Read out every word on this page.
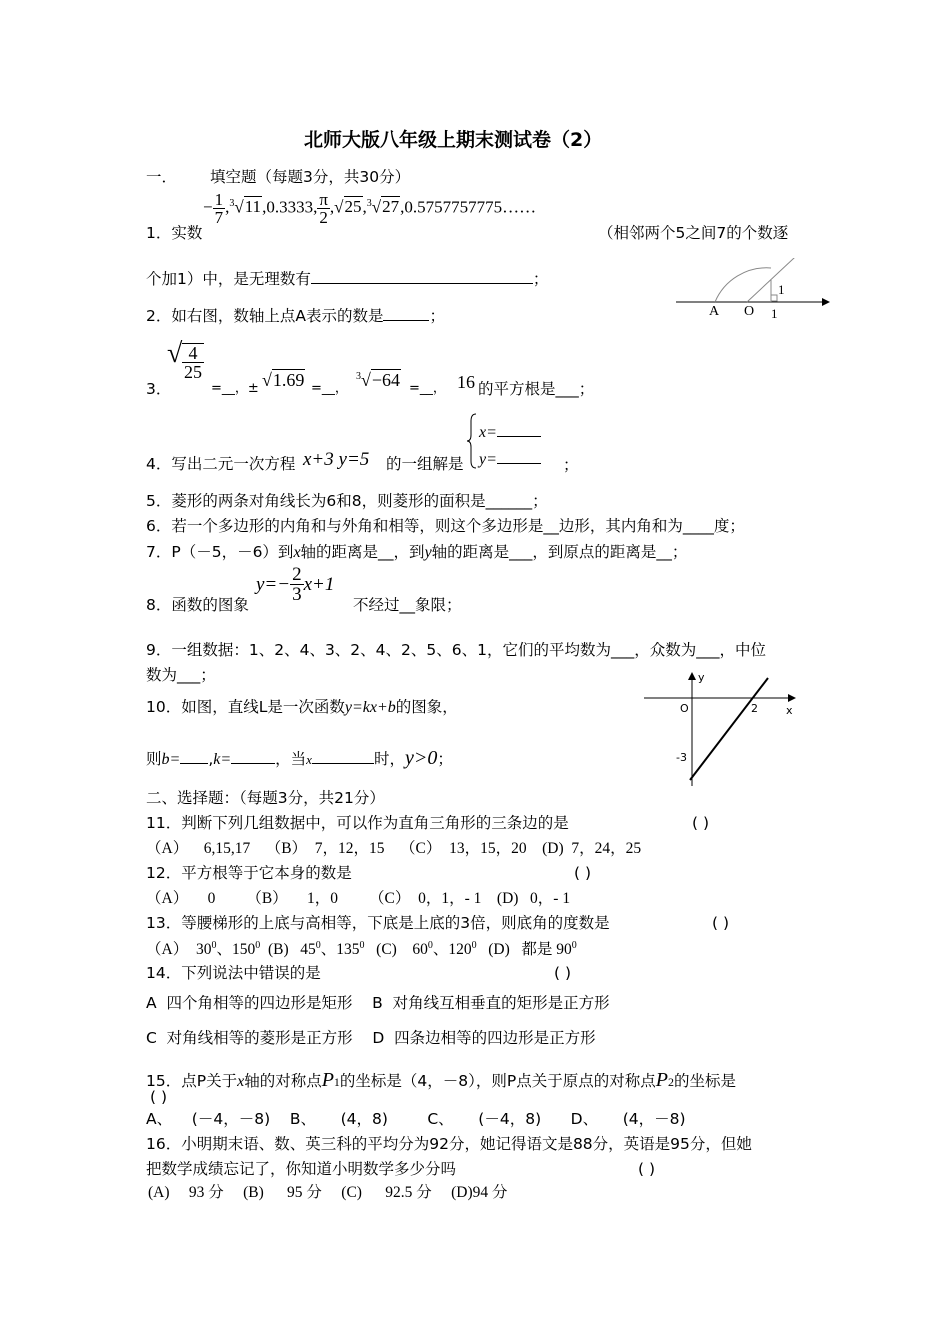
北师大版八年级上期末测试卷（2）
一． 填空题（每题3分，共30分）
1．实数
− $\frac{1}{7} ,^3√11,0.3333$, $\frac{\pi}{2}$ ,√25,$^3$√27,0.5757757775……
（相邻两个5之间7的个数逐
个加1）中，是无理数有	；
A O
1
1
2．如右图，数轴上点A表示的数是	；
3．
√ $\frac{4}{25}$
=__，± √1.69 =__，
$^3$√−64 =__， 16 的平方根是___；
4．写出二元一次方程 x+3 y=5 的一组解是
x=
y=	；
5．菱形的两条对角线长为6和8，则菱形的面积是______；
6．若一个多边形的内角和与外角和相等，则这个多边形是__边形，其内角和为____度；
7．P（－5，－6）到x轴的距离是__，到y轴的距离是___，到原点的距离是__；
8．函数的图象
$y=- \frac{2}{3} x+1$
不经过__象限；
9．一组数据：1、2、4、3、2、4、2、5、6、1，它们的平均数为___，众数为___，中位
数为___；
10．如图，直线L是一次函数y=kx+b的图象，
则b= ,k=	，当x	时，y>0；
y
x
O	2
-3
二、选择题：（每题3分，共21分）
11．判断下列几组数据中，可以作为直角三角形的三条边的是	( )
（A）    6,15,17    （B）  7，12，15    （C）  13，15，20    (D)  7，24，25
12．平方根等于它本身的数是	( )
（A）     0        （B）     1，0        （C）  0，1，- 1    (D)   0，- 1
13．等腰梯形的上底与高相等，下底是上底的3倍，则底角的度数是	( )
（A）  $30^0$、$150^0$  (B)   $45^0$、$135^0$   (C)    $60^0$、$120^0$   (D)   都是 $90^0$
14．下列说法中错误的是	( )
A  四个角相等的四边形是矩形    B  对角线互相垂直的矩形是正方形
C  对角线相等的菱形是正方形    D  四条边相等的四边形是正方形
15．点P关于x轴的对称点P1的坐标是（4，－8），则P点关于原点的对称点P2的坐标是
( )
A、    (－4，－8)    B、     (4，8)        C、     (－4，8)      D、     (4，－8)
16．小明期末语、数、英三科的平均分为92分，她记得语文是88分，英语是95分，但她
把数学成绩忘记了，你知道小明数学多少分吗	( )
(A)     93 分     (B)      95 分     (C)      92.5 分     (D)94 分
